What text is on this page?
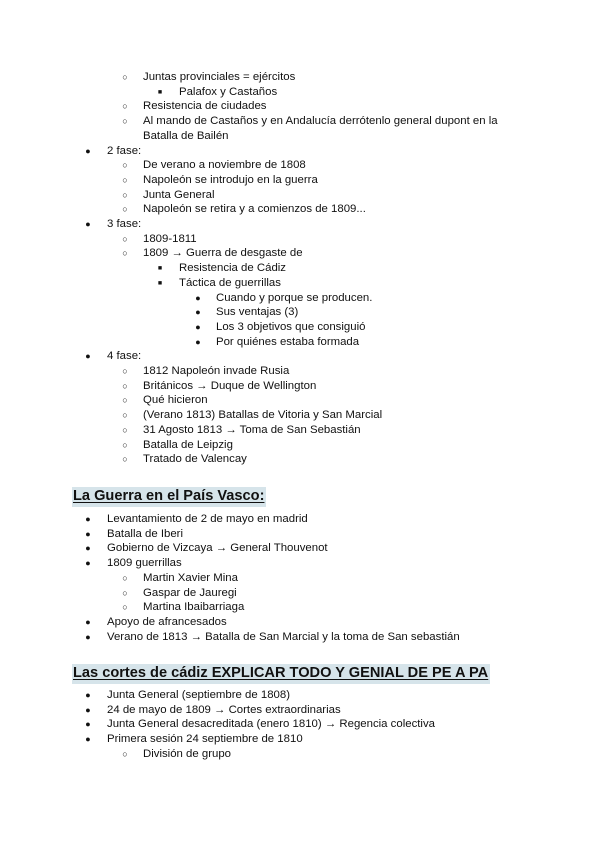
○ Juntas provinciales = ejércitos
■ Palafox y Castaños
○ Resistencia de ciudades
○ Al mando de Castaños y en Andalucía derrótenlo general dupont en la
Batalla de Bailén
● 2 fase:
○ De verano a noviembre de 1808
○ Napoleón se introdujo en la guerra
○ Junta General
○ Napoleón se retira y a comienzos de 1809...
● 3 fase:
○ 1809-1811
○ 1809 → Guerra de desgaste de
■ Resistencia de Cádiz
■ Táctica de guerrillas
● Cuando y porque se producen.
● Sus ventajas (3)
● Los 3 objetivos que consiguió
● Por quiénes estaba formada
● 4 fase:
○ 1812 Napoleón invade Rusia
○ Británicos → Duque de Wellington
○ Qué hicieron
○ (Verano 1813) Batallas de Vitoria y San Marcial
○ 31 Agosto 1813 → Toma de San Sebastián
○ Batalla de Leipzig
○ Tratado de Valencay
La Guerra en el País Vasco:
● Levantamiento de 2 de mayo en madrid
● Batalla de Iberi
● Gobierno de Vizcaya → General Thouvenot
● 1809 guerrillas
○ Martin Xavier Mina
○ Gaspar de Jauregi
○ Martina Ibaibarriaga
● Apoyo de afrancesados
● Verano de 1813 → Batalla de San Marcial y la toma de San sebastián
Las cortes de cádiz EXPLICAR TODO Y GENIAL DE PE A PA
● Junta General (septiembre de 1808)
● 24 de mayo de 1809 → Cortes extraordinarias
● Junta General desacreditada (enero 1810) → Regencia colectiva
● Primera sesión 24 septiembre de 1810
○ División de grupo
